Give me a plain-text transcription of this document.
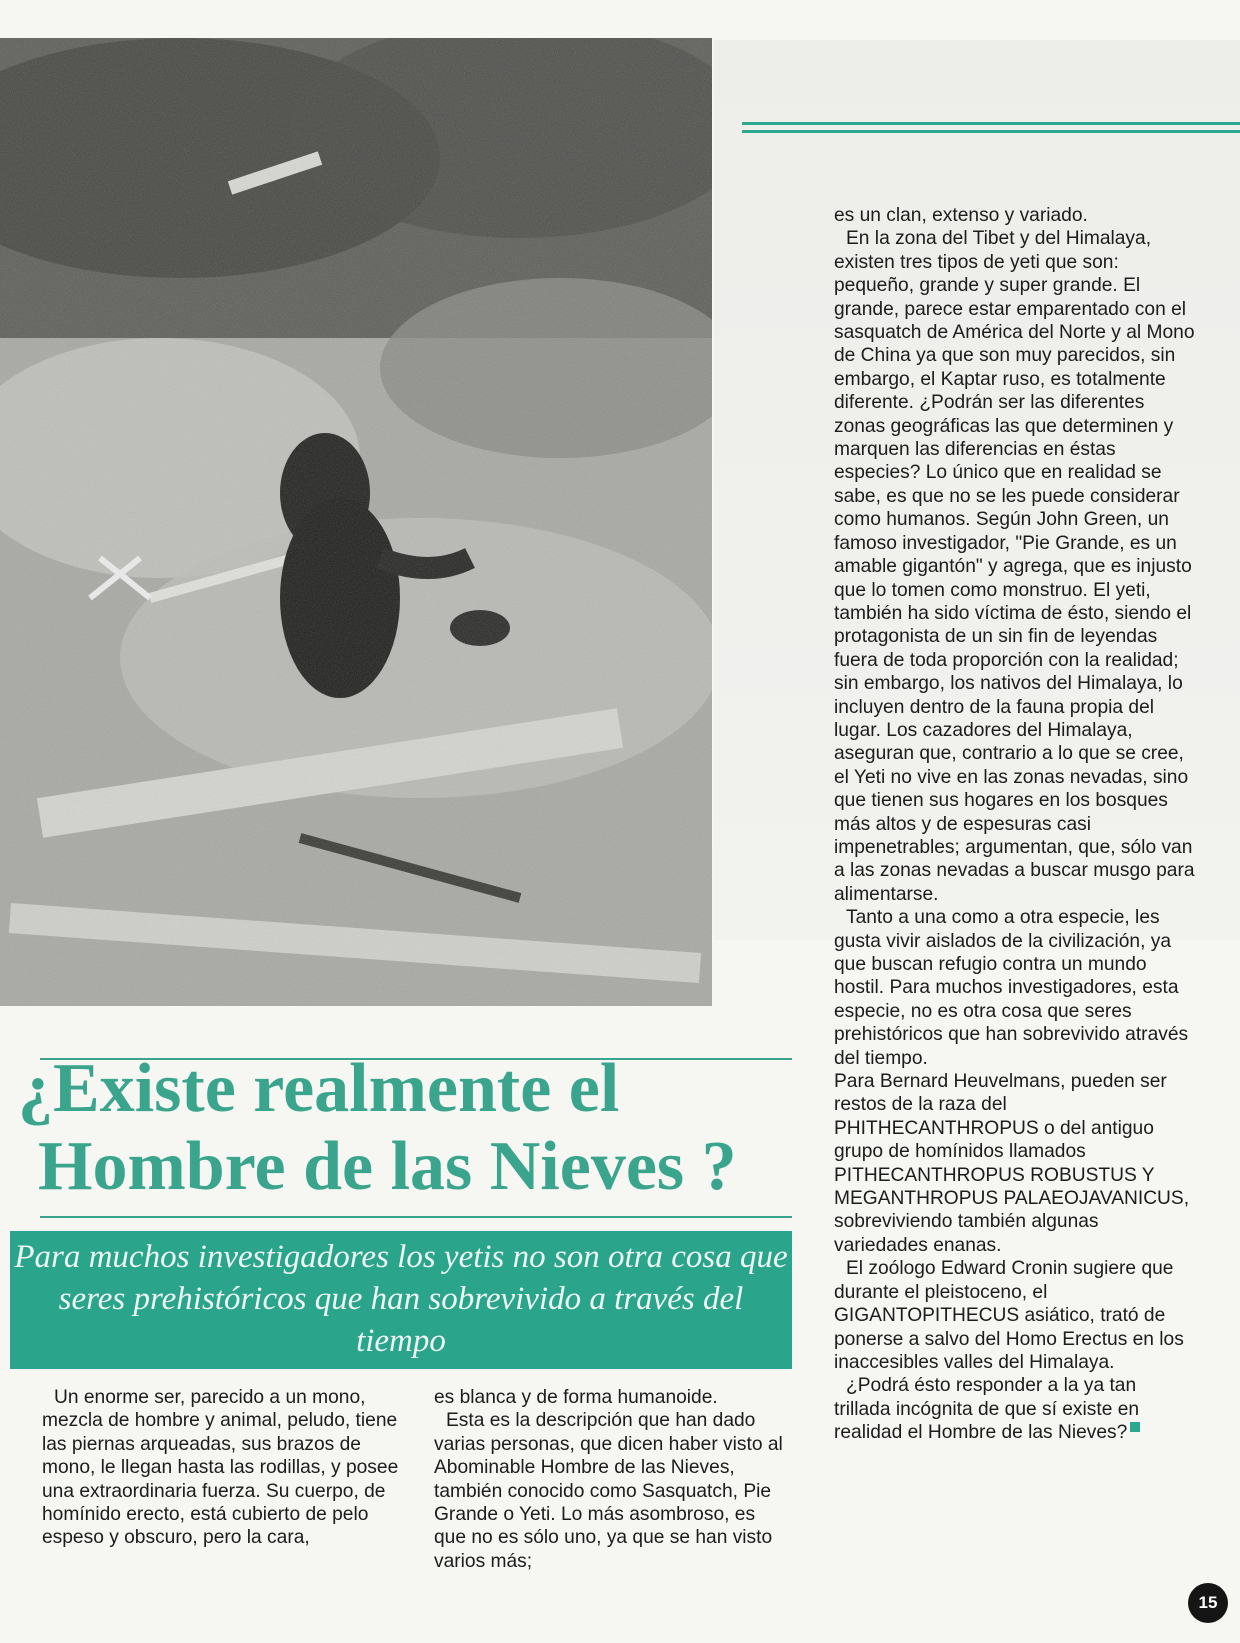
es un clan, extenso y variado.

En la zona del Tibet y del Himalaya, existen tres tipos de yeti que son: pequeño, grande y super grande. El grande, parece estar emparentado con el sasquatch de América del Norte y al Mono de China ya que son muy parecidos, sin embargo, el Kaptar ruso, es totalmente diferente. ¿Podrán ser las diferentes zonas geográficas las que determinen y marquen las diferencias en éstas especies? Lo único que en realidad se sabe, es que no se les puede considerar como humanos. Según John Green, un famoso investigador, "Pie Grande, es un amable gigantón" y agrega, que es injusto que lo tomen como monstruo. El yeti, también ha sido víctima de ésto, siendo el protagonista de un sin fin de leyendas fuera de toda proporción con la realidad; sin embargo, los nativos del Himalaya, lo incluyen dentro de la fauna propia del lugar. Los cazadores del Himalaya, aseguran que, contrario a lo que se cree, el Yeti no vive en las zonas nevadas, sino que tienen sus hogares en los bosques más altos y de espesuras casi impenetrables; argumentan, que, sólo van a las zonas nevadas a buscar musgo para alimentarse.

Tanto a una como a otra especie, les gusta vivir aislados de la civilización, ya que buscan refugio contra un mundo hostil. Para muchos investigadores, esta especie, no es otra cosa que seres prehistóricos que han sobrevivido através del tiempo.

Para Bernard Heuvelmans, pueden ser restos de la raza del PHITHECANTHROPUS o del antiguo grupo de homínidos llamados PITHECANTHROPUS ROBUSTUS Y MEGANTHROPUS PALAEOJAVANICUS, sobreviviendo también algunas variedades enanas.

El zoólogo Edward Cronin sugiere que durante el pleistoceno, el GIGANTOPITHECUS asiático, trató de ponerse a salvo del Homo Erectus en los inaccesibles valles del Himalaya.

¿Podrá ésto responder a la ya tan trillada incógnita de que sí existe en realidad el Hombre de las Nieves?

¿Existe realmente el
Hombre de las Nieves ?

Para muchos investigadores los yetis no son otra cosa que seres prehistóricos que han sobrevivido a través del tiempo

Un enorme ser, parecido a un mono, mezcla de hombre y animal, peludo, tiene las piernas arqueadas, sus brazos de mono, le llegan hasta las rodillas, y posee una extraordinaria fuerza. Su cuerpo, de homínido erecto, está cubierto de pelo espeso y obscuro, pero la cara,

es blanca y de forma humanoide.

Esta es la descripción que han dado varias personas, que dicen haber visto al Abominable Hombre de las Nieves, también conocido como Sasquatch, Pie Grande o Yeti. Lo más asombroso, es que no es sólo uno, ya que se han visto varios más;

15
